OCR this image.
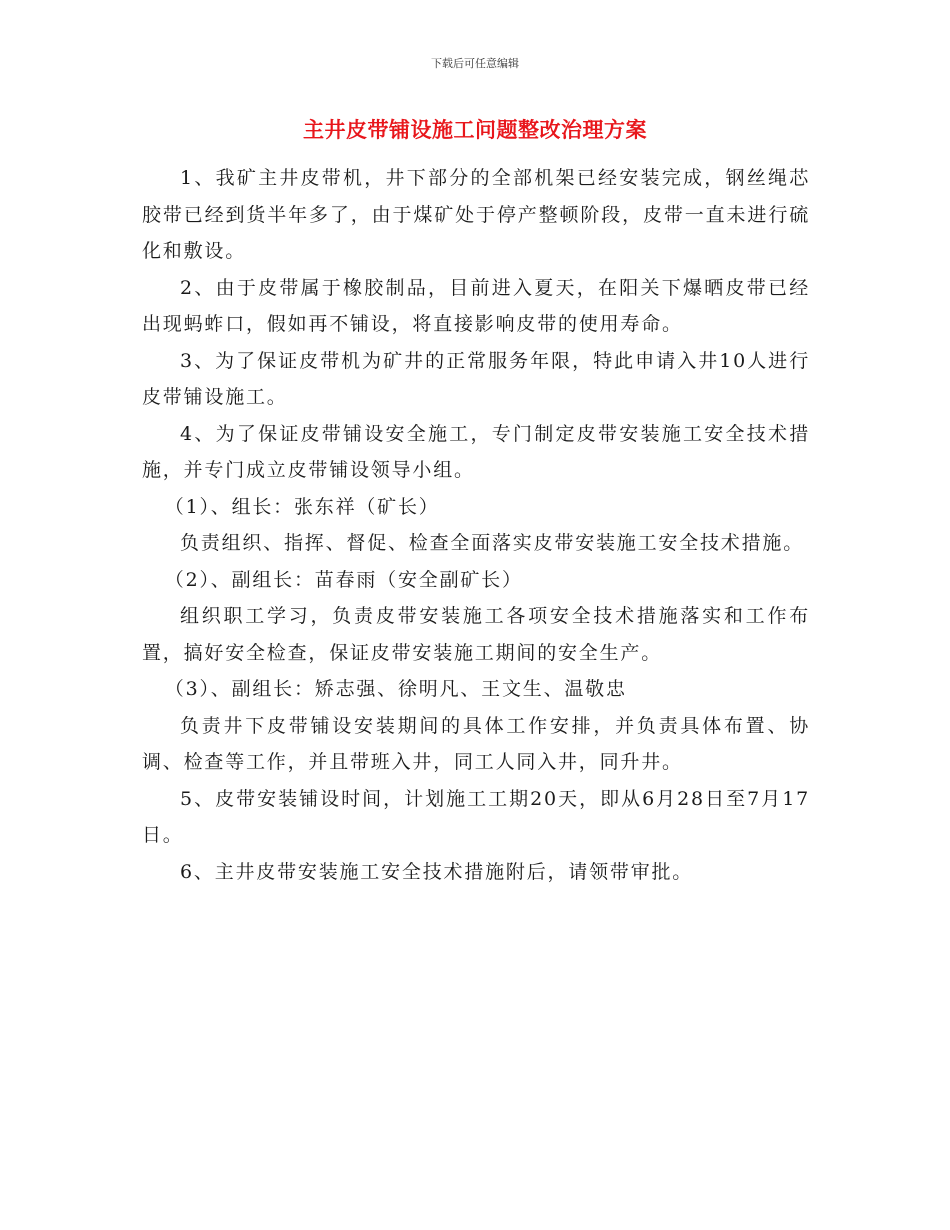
下载后可任意编辑
主井皮带铺设施工问题整改治理方案

1、我矿主井皮带机，井下部分的全部机架已经安装完成，钢丝绳芯胶带已经到货半年多了，由于煤矿处于停产整顿阶段，皮带一直未进行硫化和敷设。

2、由于皮带属于橡胶制品，目前进入夏天，在阳关下爆晒皮带已经出现蚂蚱口，假如再不铺设，将直接影响皮带的使用寿命。

3、为了保证皮带机为矿井的正常服务年限，特此申请入井10人进行皮带铺设施工。

4、为了保证皮带铺设安全施工，专门制定皮带安装施工安全技术措施，并专门成立皮带铺设领导小组。

（1）、组长：张东祥（矿长）

负责组织、指挥、督促、检查全面落实皮带安装施工安全技术措施。

（2）、副组长：苗春雨（安全副矿长）

组织职工学习，负责皮带安装施工各项安全技术措施落实和工作布置，搞好安全检查，保证皮带安装施工期间的安全生产。

（3）、副组长：矫志强、徐明凡、王文生、温敬忠

负责井下皮带铺设安装期间的具体工作安排，并负责具体布置、协调、检查等工作，并且带班入井，同工人同入井，同升井。

5、皮带安装铺设时间，计划施工工期20天，即从6月28日至7月17日。

6、主井皮带安装施工安全技术措施附后，请领带审批。
